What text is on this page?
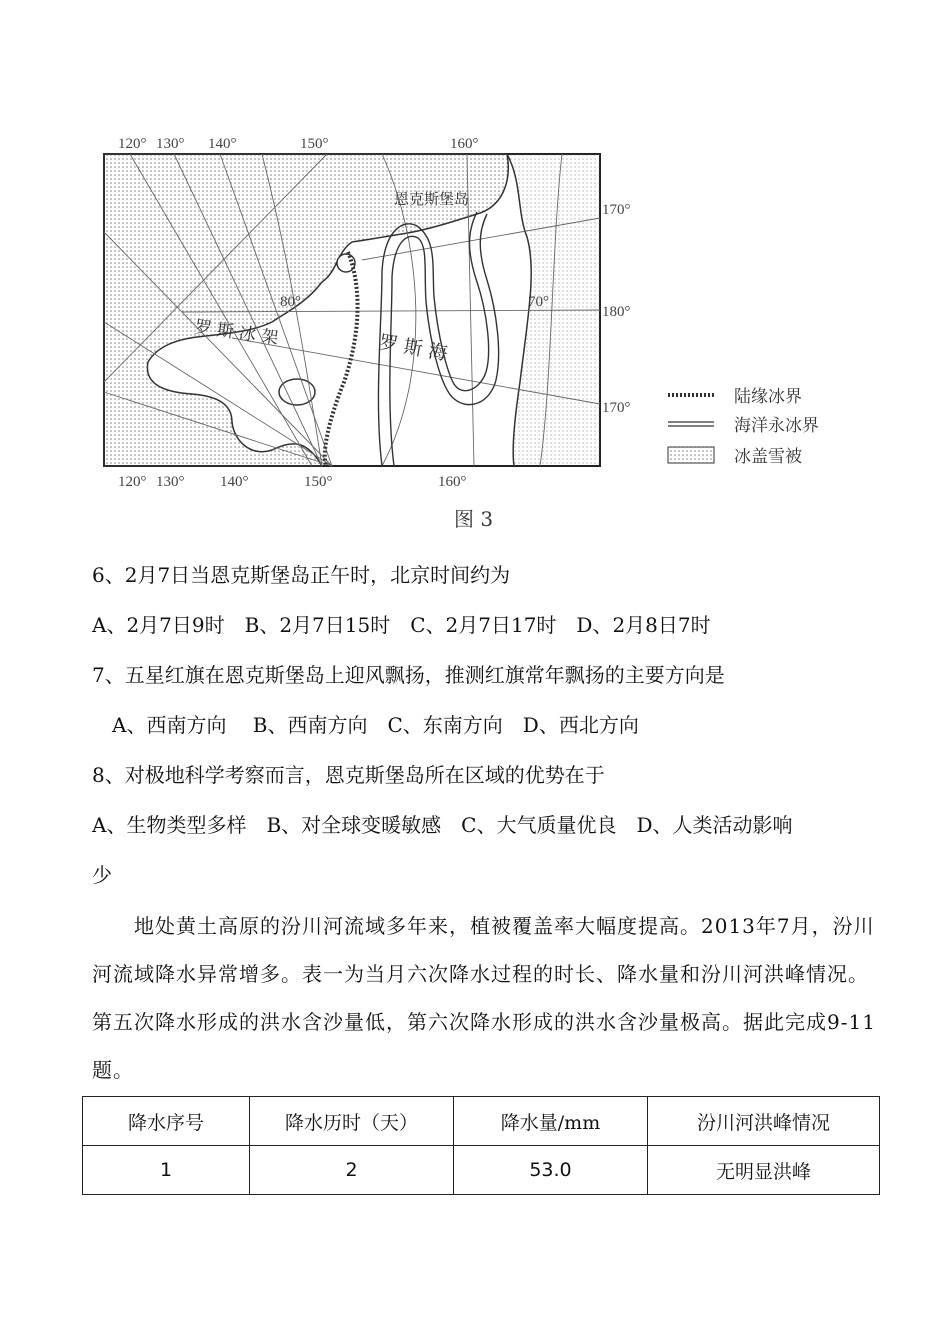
120° 130° 140°	150°	160°
120° 130° 140°	150°	160°
170°
180°
170°
80°	70°
恩克斯堡岛
罗 斯 冰 架	罗 斯 海
陆缘冰界
海洋永冰界
冰盖雪被
图 3
6、2月7日当恩克斯堡岛正午时，北京时间约为
A、2月7日9时　B、2月7日15时　C、2月7日17时　D、2月8日7时
7、五星红旗在恩克斯堡岛上迎风飘扬，推测红旗常年飘扬的主要方向是
A、西南方向　 B、西南方向　C、东南方向　D、西北方向
8、对极地科学考察而言，恩克斯堡岛所在区域的优势在于
A、生物类型多样　B、对全球变暖敏感　C、大气质量优良　D、人类活动影响
少

地处黄土高原的汾川河流域多年来，植被覆盖率大幅度提高。2013年7月，汾川河流域降水异常增多。表一为当月六次降水过程的时长、降水量和汾川河洪峰情况。第五次降水形成的洪水含沙量低，第六次降水形成的洪水含沙量极高。据此完成9-11题。

降水序号	降水历时（天）	降水量/mm	汾川河洪峰情况
1	2	53.0	无明显洪峰
